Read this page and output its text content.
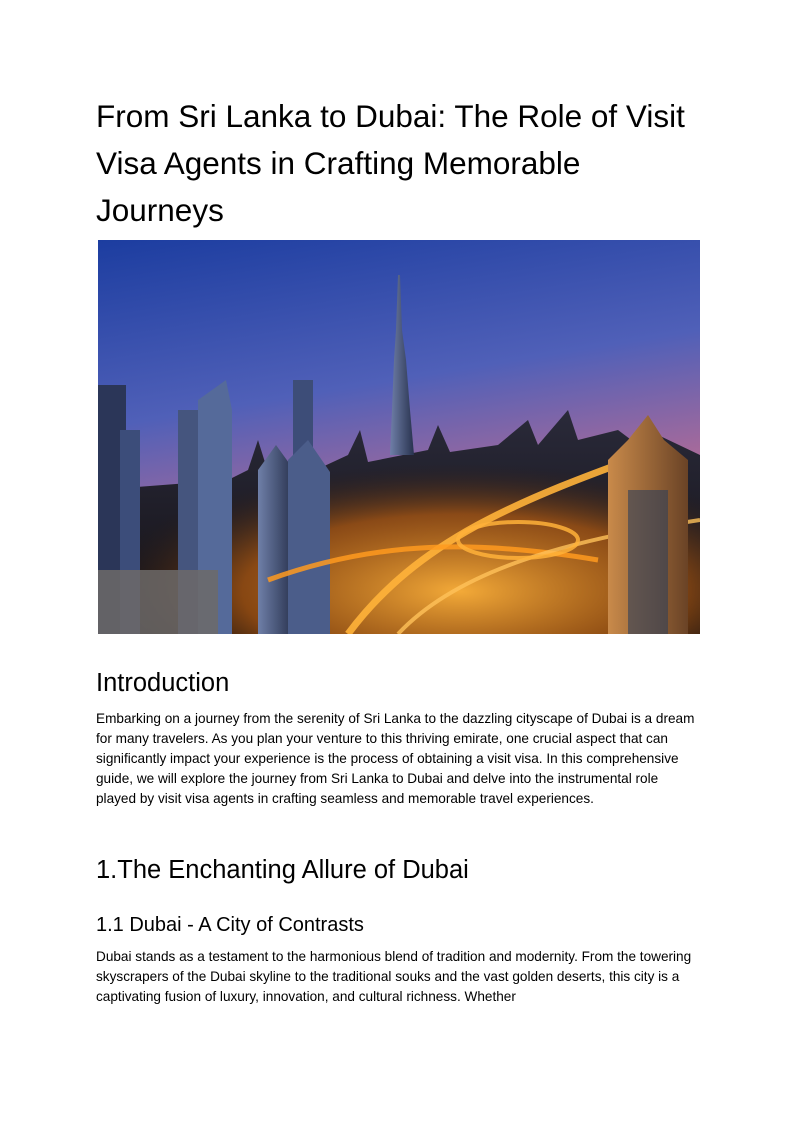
From Sri Lanka to Dubai: The Role of Visit Visa Agents in Crafting Memorable Journeys
Introduction

Embarking on a journey from the serenity of Sri Lanka to the dazzling cityscape of Dubai is a dream for many travelers. As you plan your venture to this thriving emirate, one crucial aspect that can significantly impact your experience is the process of obtaining a visit visa. In this comprehensive guide, we will explore the journey from Sri Lanka to Dubai and delve into the instrumental role played by visit visa agents in crafting seamless and memorable travel experiences.

1.The Enchanting Allure of Dubai
1.1 Dubai - A City of Contrasts

Dubai stands as a testament to the harmonious blend of tradition and modernity. From the towering skyscrapers of the Dubai skyline to the traditional souks and the vast golden deserts, this city is a captivating fusion of luxury, innovation, and cultural richness. Whether
